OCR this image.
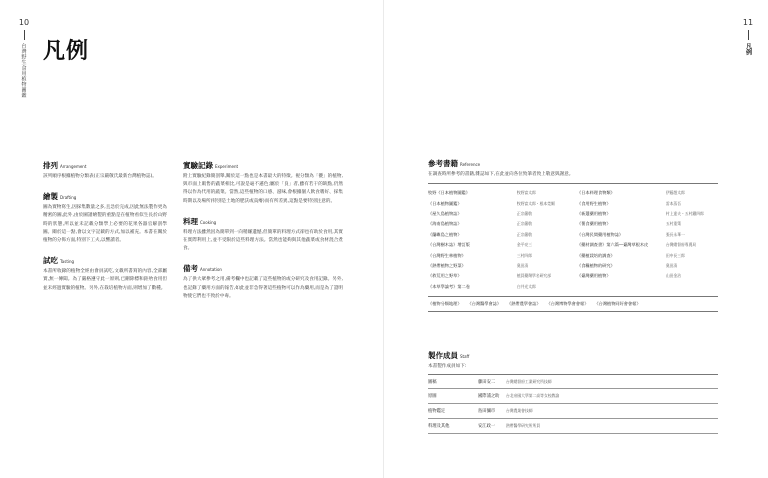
10
台灣野生食用植物圖鑑 凡例
排列 Arrangement
該列順序根據植物分類表(正宗嚴敬氏最新台灣植物誌)。
繪製 Drafting
圖為實物寫生,因採集數量之多,且急於完成,因此無法製作更為精密的圖,此外,由於圖譜繪製的重點是在植物看似生長於山野時的狀態,所以並未記載分類學上必要的花果各器官解剖學圖。關於這一點,會以文字記載的方式,加以補充。本書在關於植物的分佈方面,特別下工夫,以響讀者。
試吃 Tasting
本書所收錄的植物全經由會員試吃,文載所書寫的內容,全部屬實,無一傳聞。為了嚴格遵守此一原則,已刪除標和鉅殆食用但並未經過實驗的植物。另外,在栽培植物方面,則增加了數種。
實驗記錄 Experiment
附上實驗紀錄簡剖舉,關於這一點也是本書最大的特徵。視分類為「優」的植物,與市面上販售的蔬菜相比,可說是毫不遜色;屬於「良」者,雖有若干的缺點,仍然得以作為代用的蔬菜。當然,這些植物的口感、滋味,會根據個人飲食嗜好、採集時期以及場所(特別是土地的肥沃或貧瘠)而有所差異,這點是要特別注意的。
料理 Cooking
料理方法雖然因為簡單到一向稍嫌遺憾,但簡單的料理方式卻也有助於食用,其實在實際利用上,並不受限於這些料理方法。當然也能夠與其他蔬菜或食材混合煮食。
備考 Annotation
為了供大眾參考之用,備考欄中也記載了這些植物的或分研究及食用記錄。另外,也記錄了藥用方面的報告,如此並非急得著這些植物可以作為藥用,而是為了證明物使它們也不致於中毒。
11
凡例
參考書籍 Reference
在調查時所參考的書籍,雜誌如下,在此並向各位致筆者致上敬意與謝意。
牧野《日本植物圖鑑》	牧野富太郎
《日本植物圖鑑》	牧野富太郎・根本莞爾
《屋久島植物誌》	正宗嚴敬
《海南島植物誌》	正宗嚴敬
《蘭嶼島之植物》	正宗嚴敬
《台灣樹木誌》增訂版	金平亮三
《台灣野生林植物》	三村四郎
《熱帶植物之野菜》	奧田清
《救荒用之野草》	植員藥劑學名研究部
《本草學論考》第二卷	白井光太郎
《日本料理食物類》	伊藤趙太郎
《食用野生植物》	雷本蒸吾
《新選藥用植物》	村上達夫・五村鐵四郎
《薯食藥用植物》	五村重策
《台灣民間藥用植物誌》	張長永華一
《藥材調查書》第六篇―臺灣草根木皮	台灣總督府專賣局
《藥植栽培的調查》	田中長三郎
《食糧植物的研究》	奧田清
《臺灣藥用植物》	山田金治
《植物分類地理》 《台灣醫學會誌》 《熱帶農學會誌》 《台灣博物學會會報》 《台灣植物同好會會報》
製作成員 Staff
本書製作成員如下:
圖稿	藤田安二	台灣總督府工業研究所技師
原圖	國際浦之助	台北帝國大學第二高等女校教諭
植物鑑定	島田彌市	台灣農業會技師
料理及其他	安江政一	熱帶醫學研究所所員
